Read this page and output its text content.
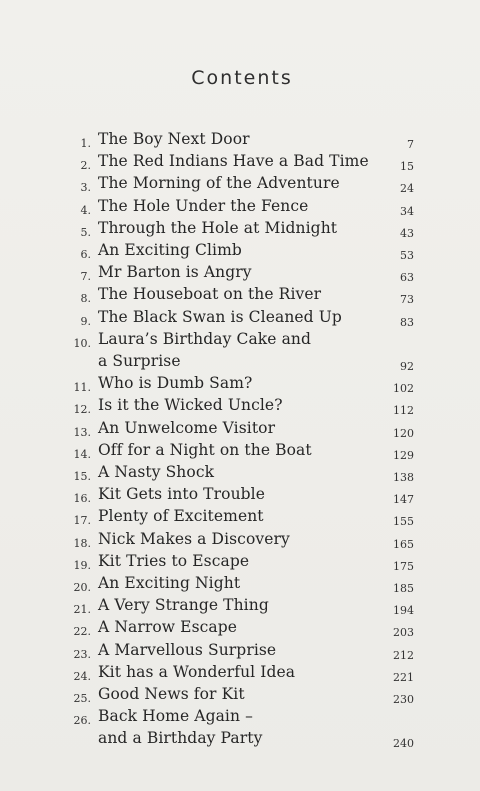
Contents
1. The Boy Next Door	7
2. The Red Indians Have a Bad Time	15
3. The Morning of the Adventure	24
4. The Hole Under the Fence	34
5. Through the Hole at Midnight	43
6. An Exciting Climb	53
7. Mr Barton is Angry	63
8. The Houseboat on the River	73
9. The Black Swan is Cleaned Up	83
10. Laura’s Birthday Cake and
a Surprise	92
11. Who is Dumb Sam?	102
12. Is it the Wicked Uncle?	112
13. An Unwelcome Visitor	120
14. Off for a Night on the Boat	129
15. A Nasty Shock	138
16. Kit Gets into Trouble	147
17. Plenty of Excitement	155
18. Nick Makes a Discovery	165
19. Kit Tries to Escape	175
20. An Exciting Night	185
21. A Very Strange Thing	194
22. A Narrow Escape	203
23. A Marvellous Surprise	212
24. Kit has a Wonderful Idea	221
25. Good News for Kit	230
26. Back Home Again –
and a Birthday Party	240
